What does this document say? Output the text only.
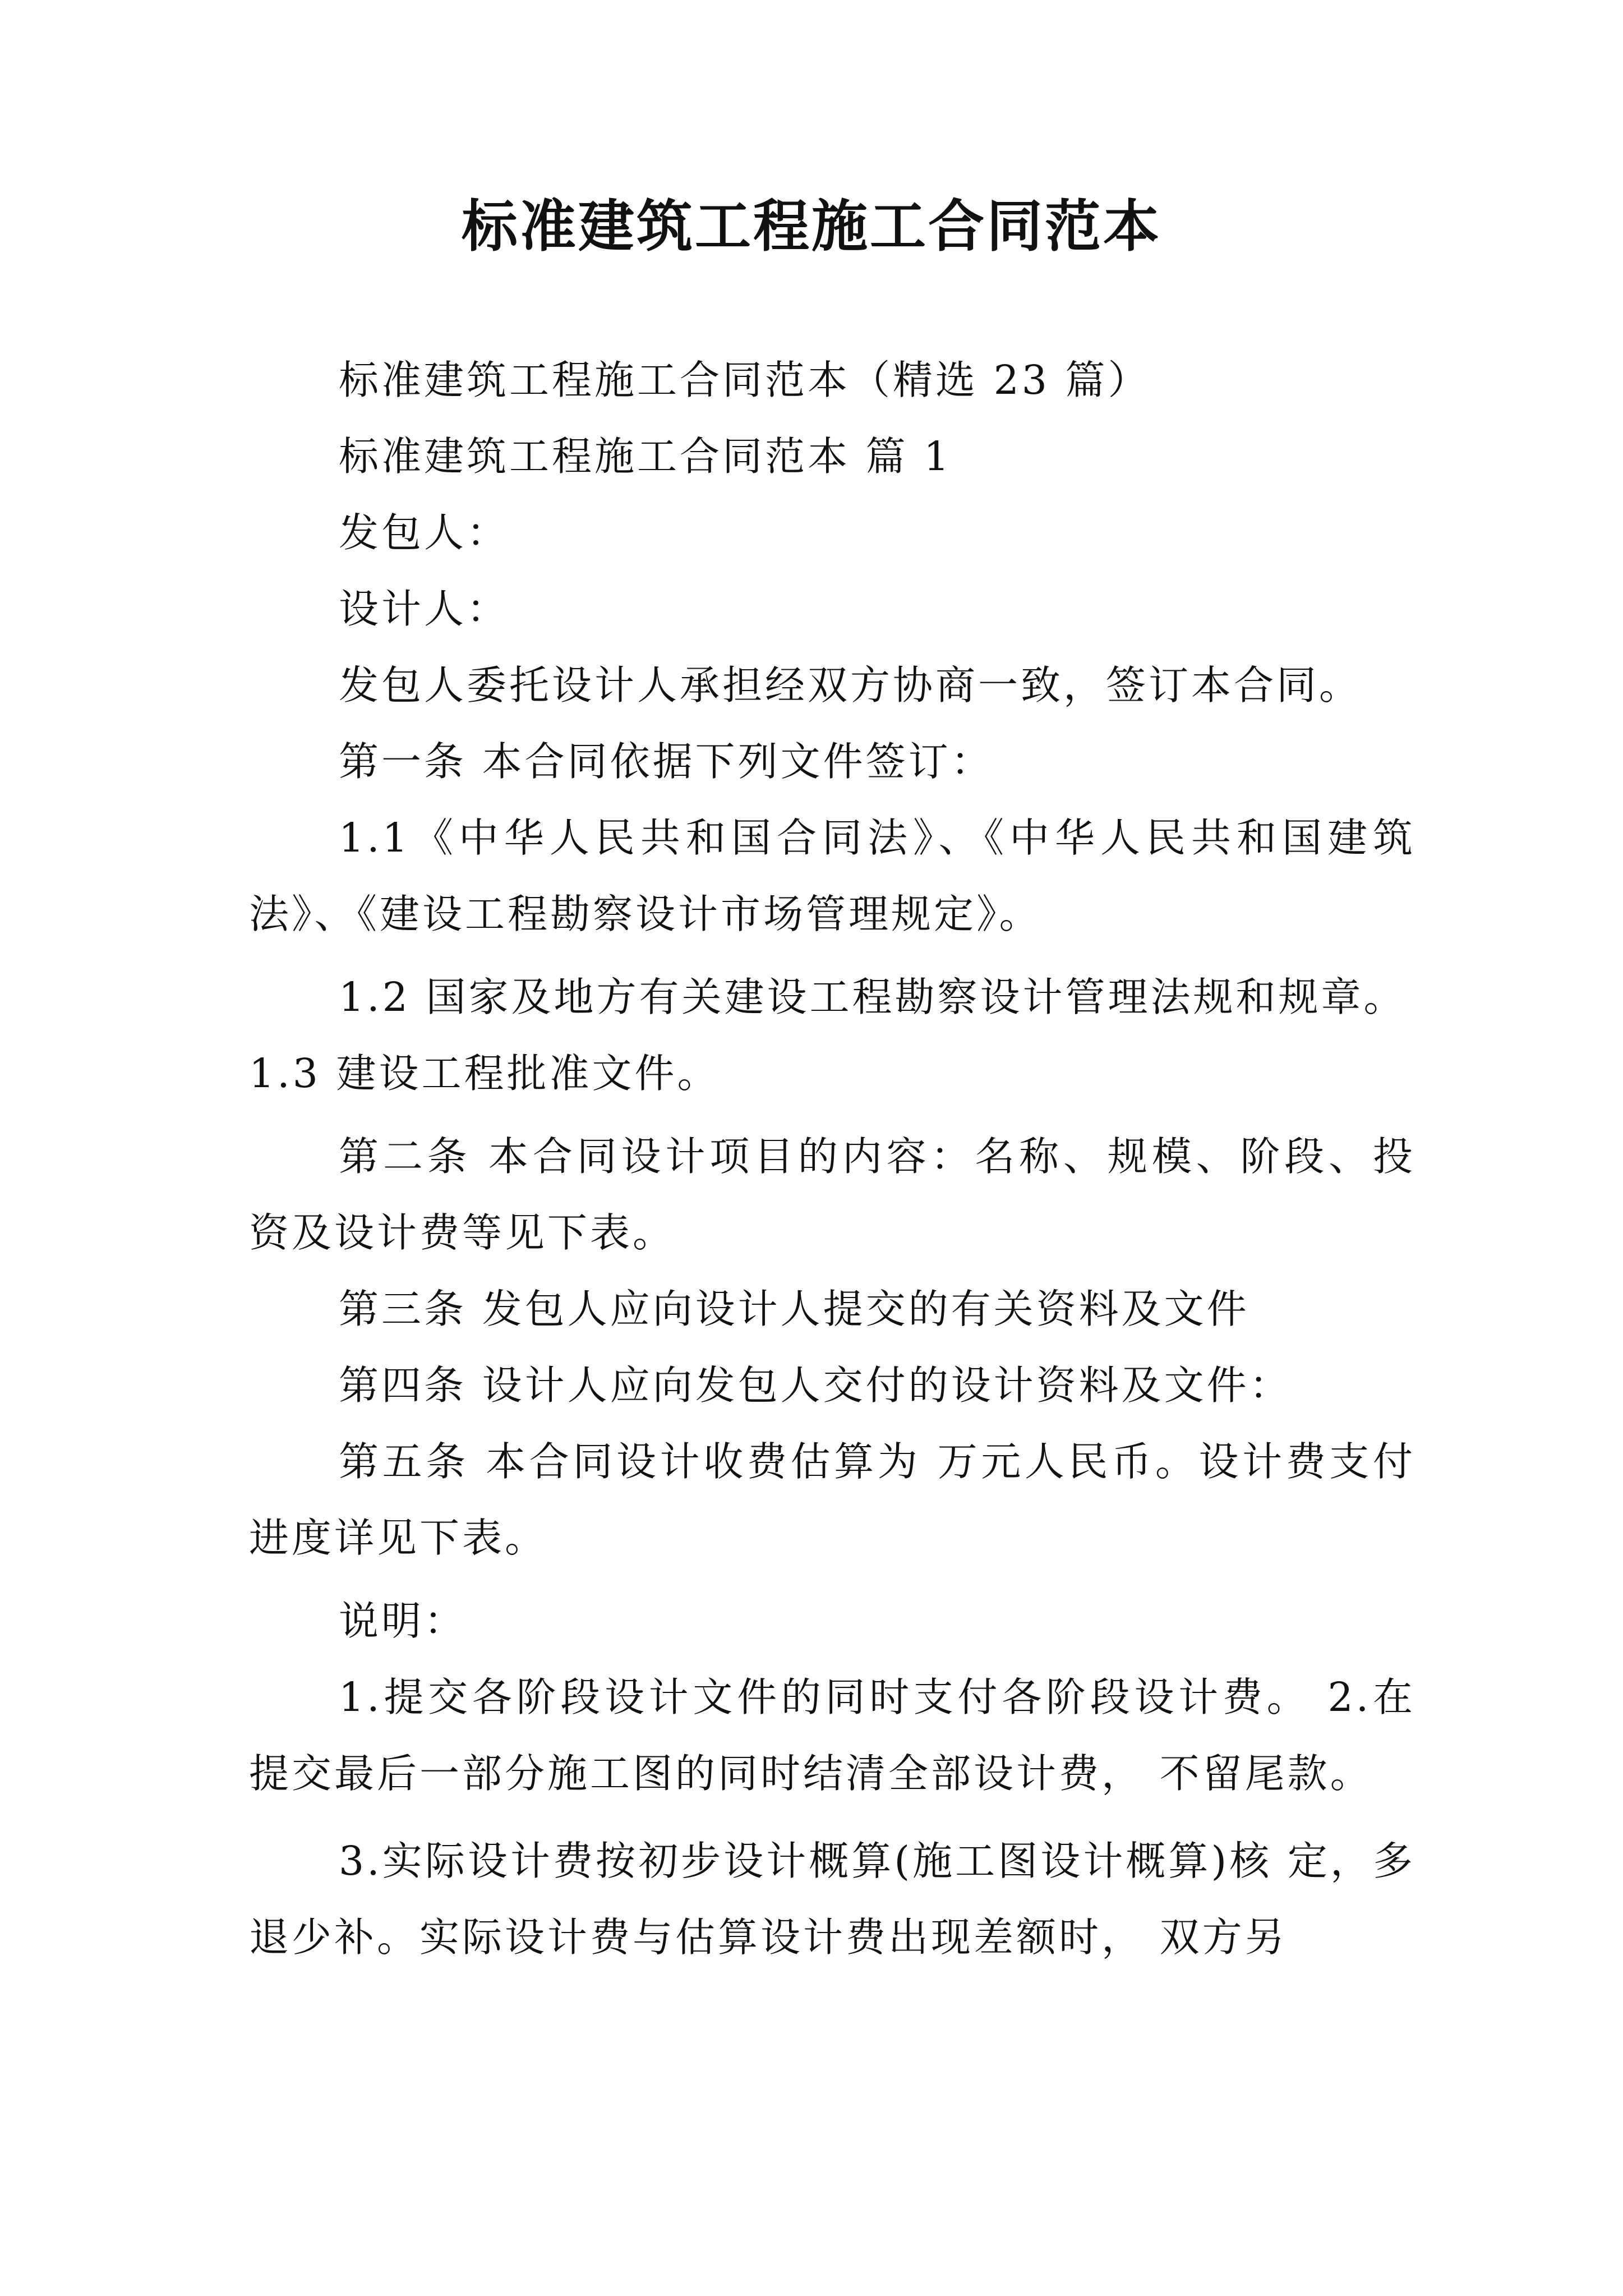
标准建筑工程施工合同范本

标准建筑工程施工合同范本（精选 23 篇）

标准建筑工程施工合同范本 篇 1

发包人：

设计人：

发包人委托设计人承担经双方协商一致，签订本合同。

第一条 本合同依据下列文件签订：

1.1《中华人民共和国合同法》、《中华人民共和国建筑法》、《建设工程勘察设计市场管理规定》。

1.2 国家及地方有关建设工程勘察设计管理法规和规章。

1.3 建设工程批准文件。

第二条 本合同设计项目的内容：名称、规模、阶段、投资及设计费等见下表。

第三条 发包人应向设计人提交的有关资料及文件

第四条 设计人应向发包人交付的设计资料及文件：

第五条 本合同设计收费估算为 万元人民币。设计费支付进度详见下表。

说明：

1.提交各阶段设计文件的同时支付各阶段设计费。 2.在提交最后一部分施工图的同时结清全部设计费， 不留尾款。

3.实际设计费按初步设计概算(施工图设计概算)核 定，多退少补。实际设计费与估算设计费出现差额时， 双方另
